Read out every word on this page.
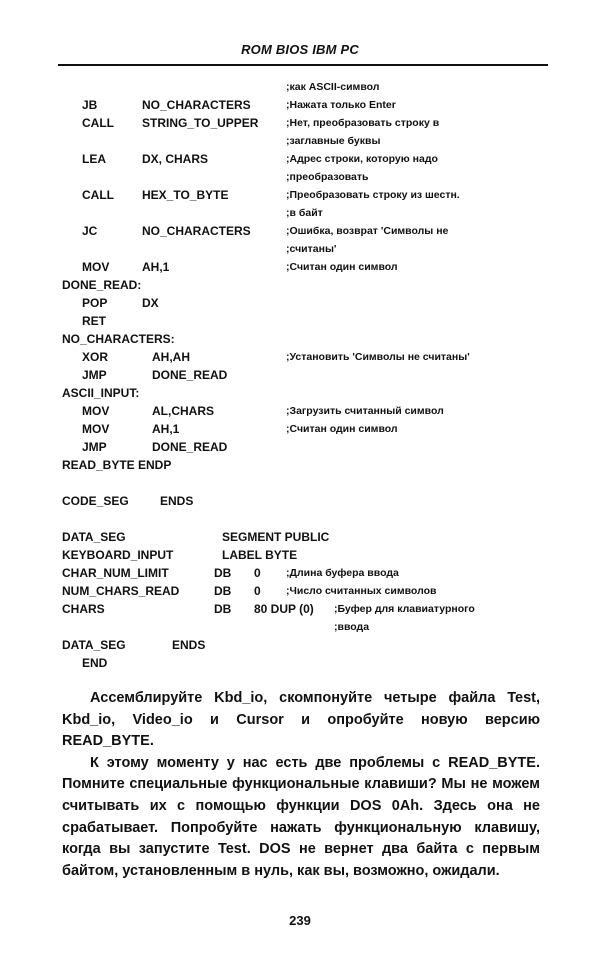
ROM BIOS IBM PC
;как ASCII-символ
JB	NO_CHARACTERS	;Нажата только Enter
CALL STRING_TO_UPPER	;Нет, преобразовать строку в
;заглавные буквы
LEA	DX, CHARS	;Адрес строки, которую надо
;преобразовать
CALL HEX_TO_BYTE	;Преобразовать строку из шестн.
;в байт
JC	NO_CHARACTERS	;Ошибка, возврат 'Символы не
;считаны'
MOV	AH,1	;Считан один символ
DONE_READ:
POP	DX
RET
NO_CHARACTERS:
XOR	AH,AH	;Установить 'Символы не считаны'
JMP	DONE_READ
ASCII_INPUT:
MOV	AL,CHARS	;Загрузить считанный символ
MOV	AH,1	;Считан один символ
JMP	DONE_READ
READ_BYTE ENDP
CODE_SEG	ENDS
DATA_SEG	SEGMENT PUBLIC
KEYBOARD_INPUT	LABEL BYTE
CHAR_NUM_LIMIT	DB 0 ;Длина буфера ввода
NUM_CHARS_READ	DB 0 ;Число считанных символов
CHARS	DB 80 DUP (0) ;Буфер для клавиатурного
;ввода
DATA_SEG	ENDS
END

Ассемблируйте Kbd_io, скомпонуйте четыре файла Test, Kbd_io, Video_io и Cursor и опробуйте новую версию READ_BYTE.

К этому моменту у нас есть две проблемы с READ_BYTE. Помните специальные функциональные клавиши? Мы не можем считывать их с помощью функции DOS 0Ah. Здесь она не срабатывает. Попробуйте нажать функциональную клавишу, когда вы запустите Test. DOS не вернет два байта с первым байтом, установленным в нуль, как вы, возможно, ожидали.

239
